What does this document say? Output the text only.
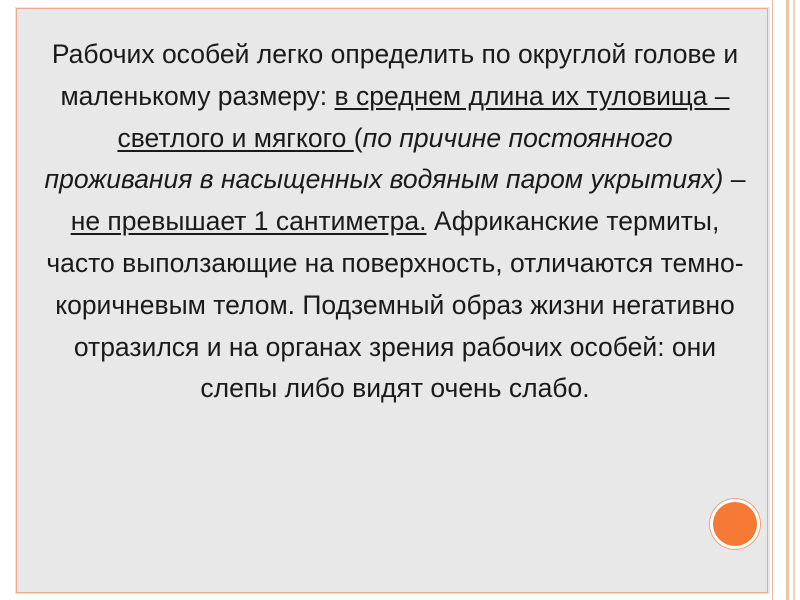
Рабочих особей легко определить по округлой голове и маленькому размеру: в среднем длина их туловища – светлого и мягкого (по причине постоянного проживания в насыщенных водяным паром укрытиях) – не превышает 1 сантиметра. Африканские термиты, часто выползающие на поверхность, отличаются темно-коричневым телом. Подземный образ жизни негативно отразился и на органах зрения рабочих особей: они слепы либо видят очень слабо.
